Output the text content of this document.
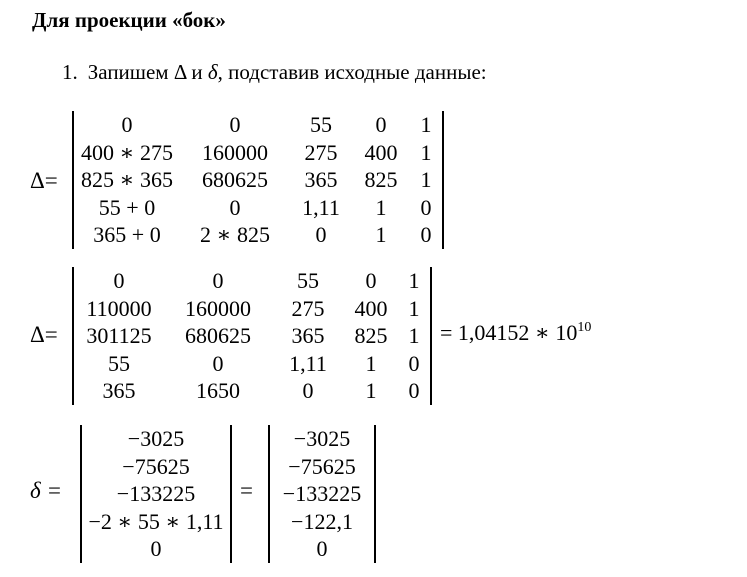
Для проекции «бок»
1. Запишем Δ и δ, подставив исходные данные:
Δ=
0	0	55	0	1
400 ∗ 275	160000	275	400	1
825 ∗ 365	680625	365	825	1
55 + 0	0	1,11	1	0
365 + 0	2 ∗ 825	0	1	0
Δ=
0	0	55	0	1
110000	160000	275	400	1
301125	680625	365	825	1
55	0	1,11	1	0
365	1650	0	1	0
= 1,04152 ∗ $10^{10}$
δ =
−3025
−75625
−133225
−2 ∗ 55 ∗ 1,11
0
=
−3025
−75625
−133225
−122,1
0
